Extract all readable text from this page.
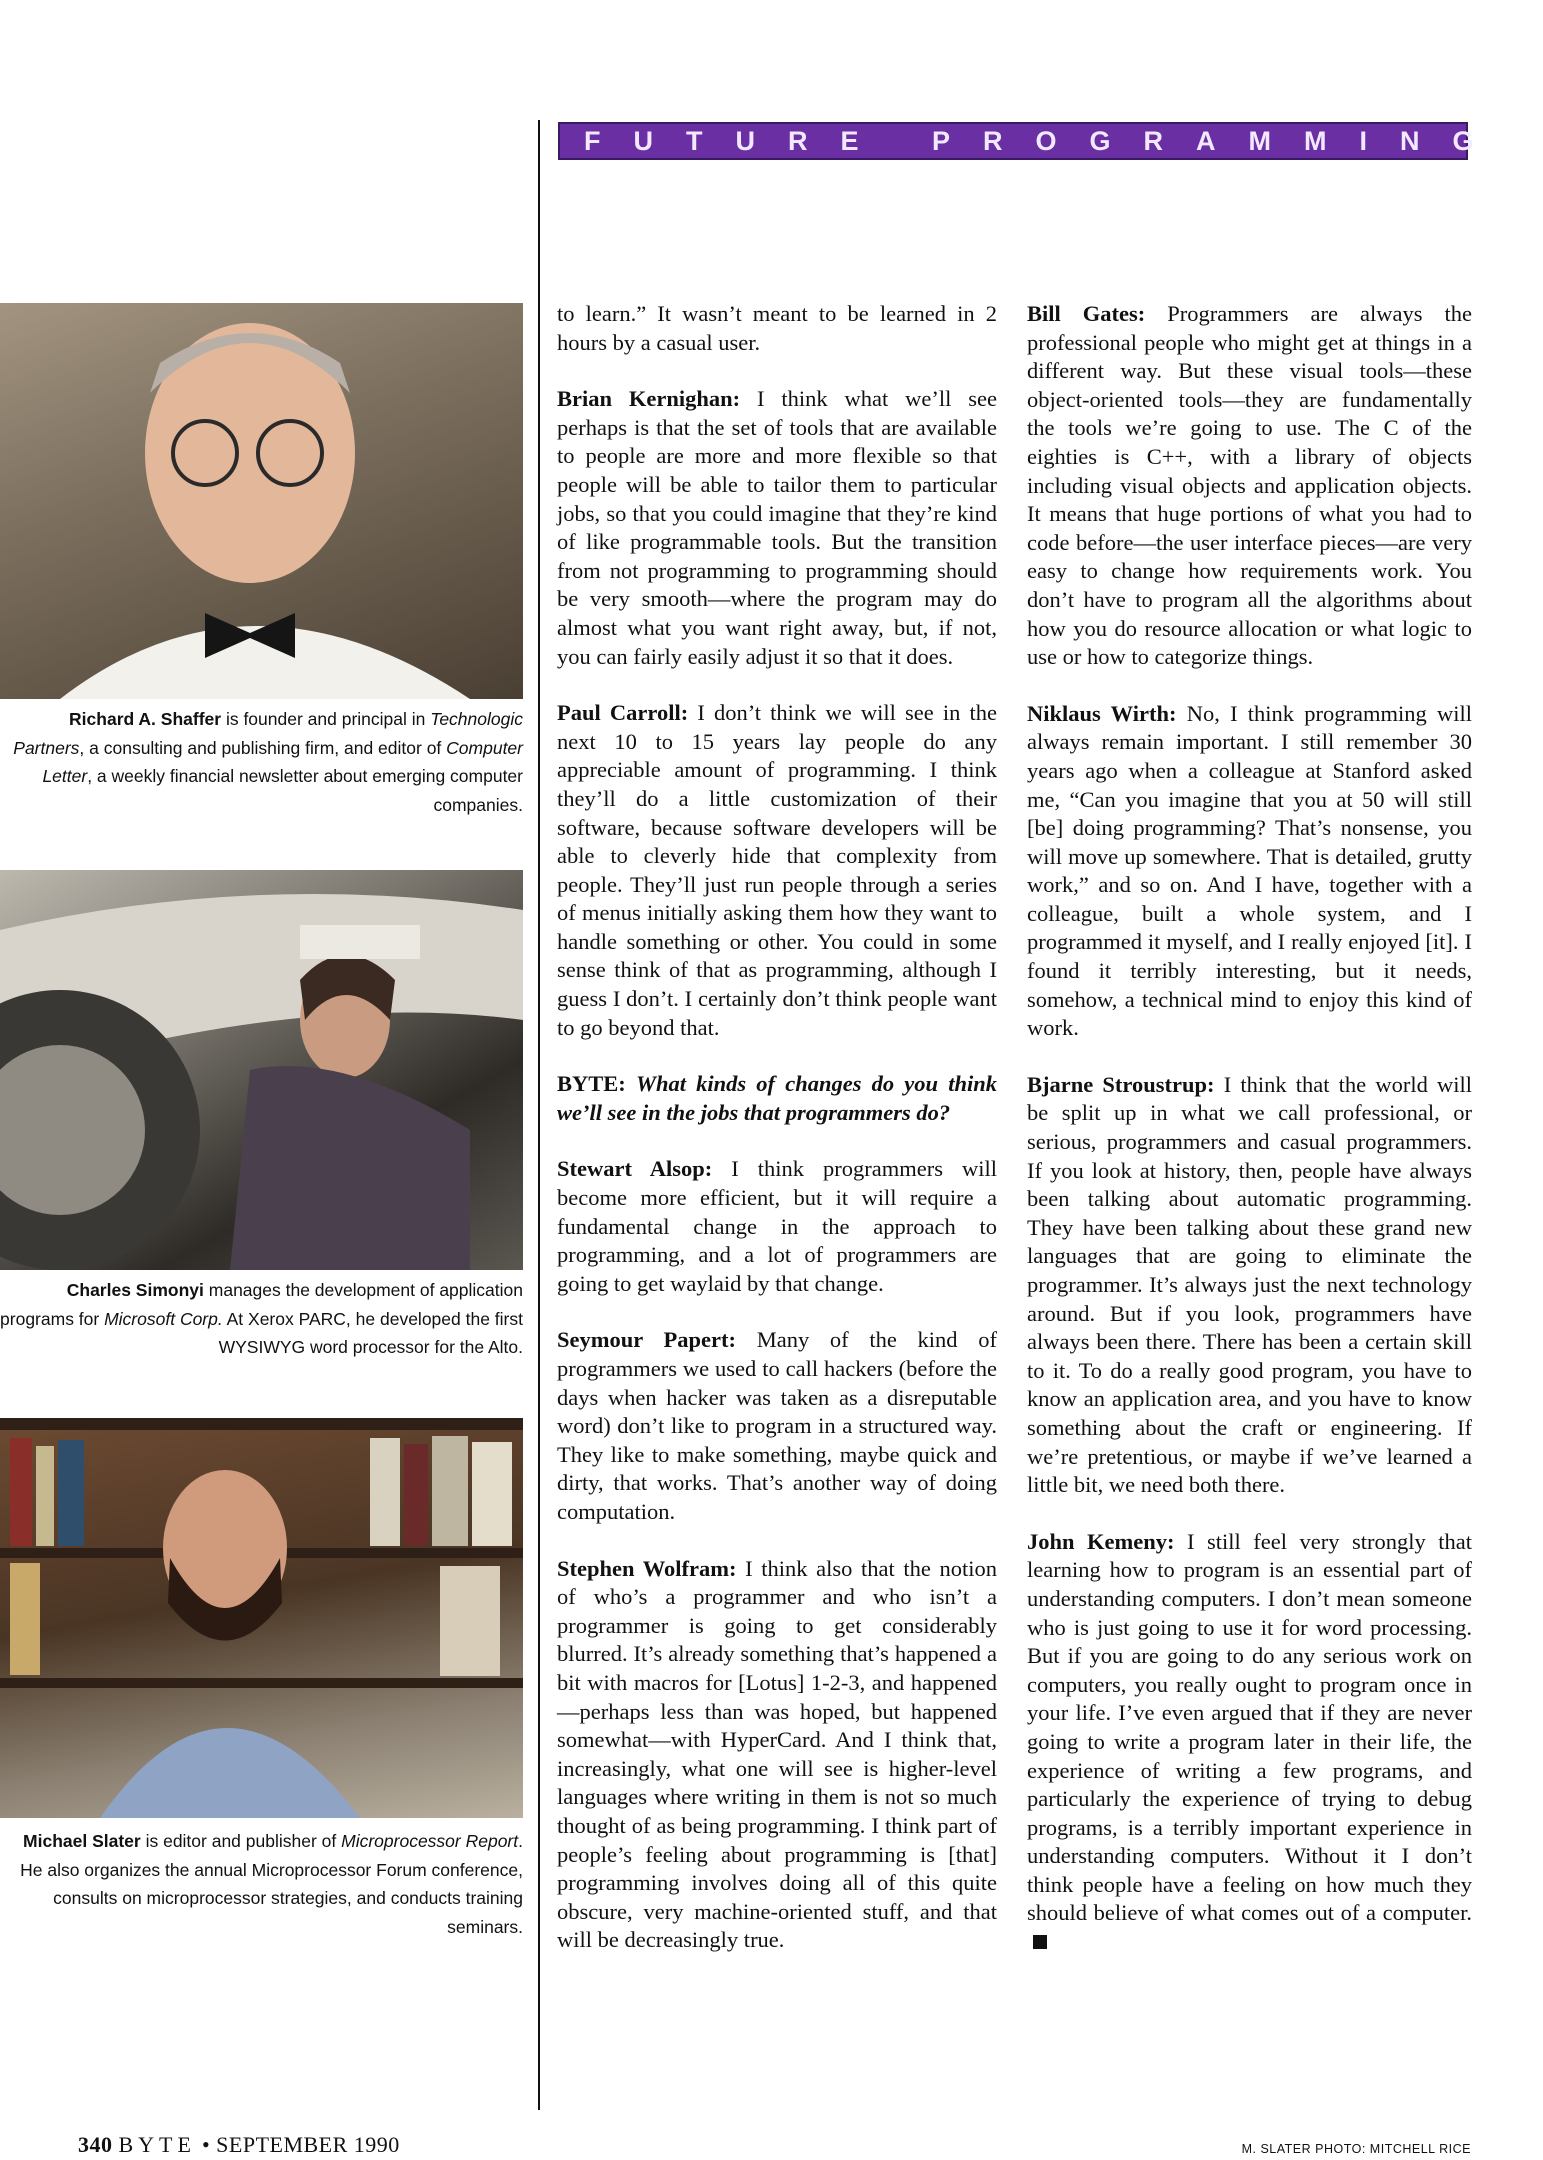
FUTURE PROGRAMMING
Richard A. Shaffer is founder and principal in Technologic Partners, a consulting and publishing firm, and editor of Computer Letter, a weekly financial newsletter about emerging computer companies.
Charles Simonyi manages the development of application programs for Microsoft Corp. At Xerox PARC, he developed the first WYSIWYG word processor for the Alto.
Michael Slater is editor and publisher of Microprocessor Report. He also organizes the annual Microprocessor Forum conference, consults on microprocessor strategies, and conducts training seminars.

to learn.” It wasn’t meant to be learned in 2 hours by a casual user.

Brian Kernighan: I think what we’ll see perhaps is that the set of tools that are available to people are more and more flexible so that people will be able to tailor them to particular jobs, so that you could imagine that they’re kind of like programmable tools. But the transition from not programming to programming should be very smooth—where the program may do almost what you want right away, but, if not, you can fairly easily adjust it so that it does.

Paul Carroll: I don’t think we will see in the next 10 to 15 years lay people do any appreciable amount of programming. I think they’ll do a little customization of their software, because software developers will be able to cleverly hide that complexity from people. They’ll just run people through a series of menus initially asking them how they want to handle something or other. You could in some sense think of that as programming, although I guess I don’t. I certainly don’t think people want to go beyond that.

BYTE: What kinds of changes do you think we’ll see in the jobs that programmers do?

Stewart Alsop: I think programmers will become more efficient, but it will require a fundamental change in the approach to programming, and a lot of programmers are going to get waylaid by that change.

Seymour Papert: Many of the kind of programmers we used to call hackers (before the days when hacker was taken as a disreputable word) don’t like to program in a structured way. They like to make something, maybe quick and dirty, that works. That’s another way of doing computation.

Stephen Wolfram: I think also that the notion of who’s a programmer and who isn’t a programmer is going to get considerably blurred. It’s already something that’s happened a bit with macros for [Lotus] 1-2-3, and happened—perhaps less than was hoped, but happened somewhat—with HyperCard. And I think that, increasingly, what one will see is higher-level languages where writing in them is not so much thought of as being programming. I think part of people’s feeling about programming is [that] programming involves doing all of this quite obscure, very machine-oriented stuff, and that will be decreasingly true.

Bill Gates: Programmers are always the professional people who might get at things in a different way. But these visual tools—these object-oriented tools—they are fundamentally the tools we’re going to use. The C of the eighties is C++, with a library of objects including visual objects and application objects. It means that huge portions of what you had to code before—the user interface pieces—are very easy to change how requirements work. You don’t have to program all the algorithms about how you do resource allocation or what logic to use or how to categorize things.

Niklaus Wirth: No, I think programming will always remain important. I still remember 30 years ago when a colleague at Stanford asked me, “Can you imagine that you at 50 will still [be] doing programming? That’s nonsense, you will move up somewhere. That is detailed, grutty work,” and so on. And I have, together with a colleague, built a whole system, and I programmed it myself, and I really enjoyed [it]. I found it terribly interesting, but it needs, somehow, a technical mind to enjoy this kind of work.

Bjarne Stroustrup: I think that the world will be split up in what we call professional, or serious, programmers and casual programmers. If you look at history, then, people have always been talking about automatic programming. They have been talking about these grand new languages that are going to eliminate the programmer. It’s always just the next technology around. But if you look, programmers have always been there. There has been a certain skill to it. To do a really good program, you have to know an application area, and you have to know something about the craft or engineering. If we’re pretentious, or maybe if we’ve learned a little bit, we need both there.

John Kemeny: I still feel very strongly that learning how to program is an essential part of understanding computers. I don’t mean someone who is just going to use it for word processing. But if you are going to do any serious work on computers, you really ought to program once in your life. I’ve even argued that if they are never going to write a program later in their life, the experience of writing a few programs, and particularly the experience of trying to debug programs, is a terribly important experience in understanding computers. Without it I don’t think people have a feeling on how much they should believe of what comes out of a computer.

340 BYTE • SEPTEMBER 1990	M. SLATER PHOTO: MITCHELL RICE
